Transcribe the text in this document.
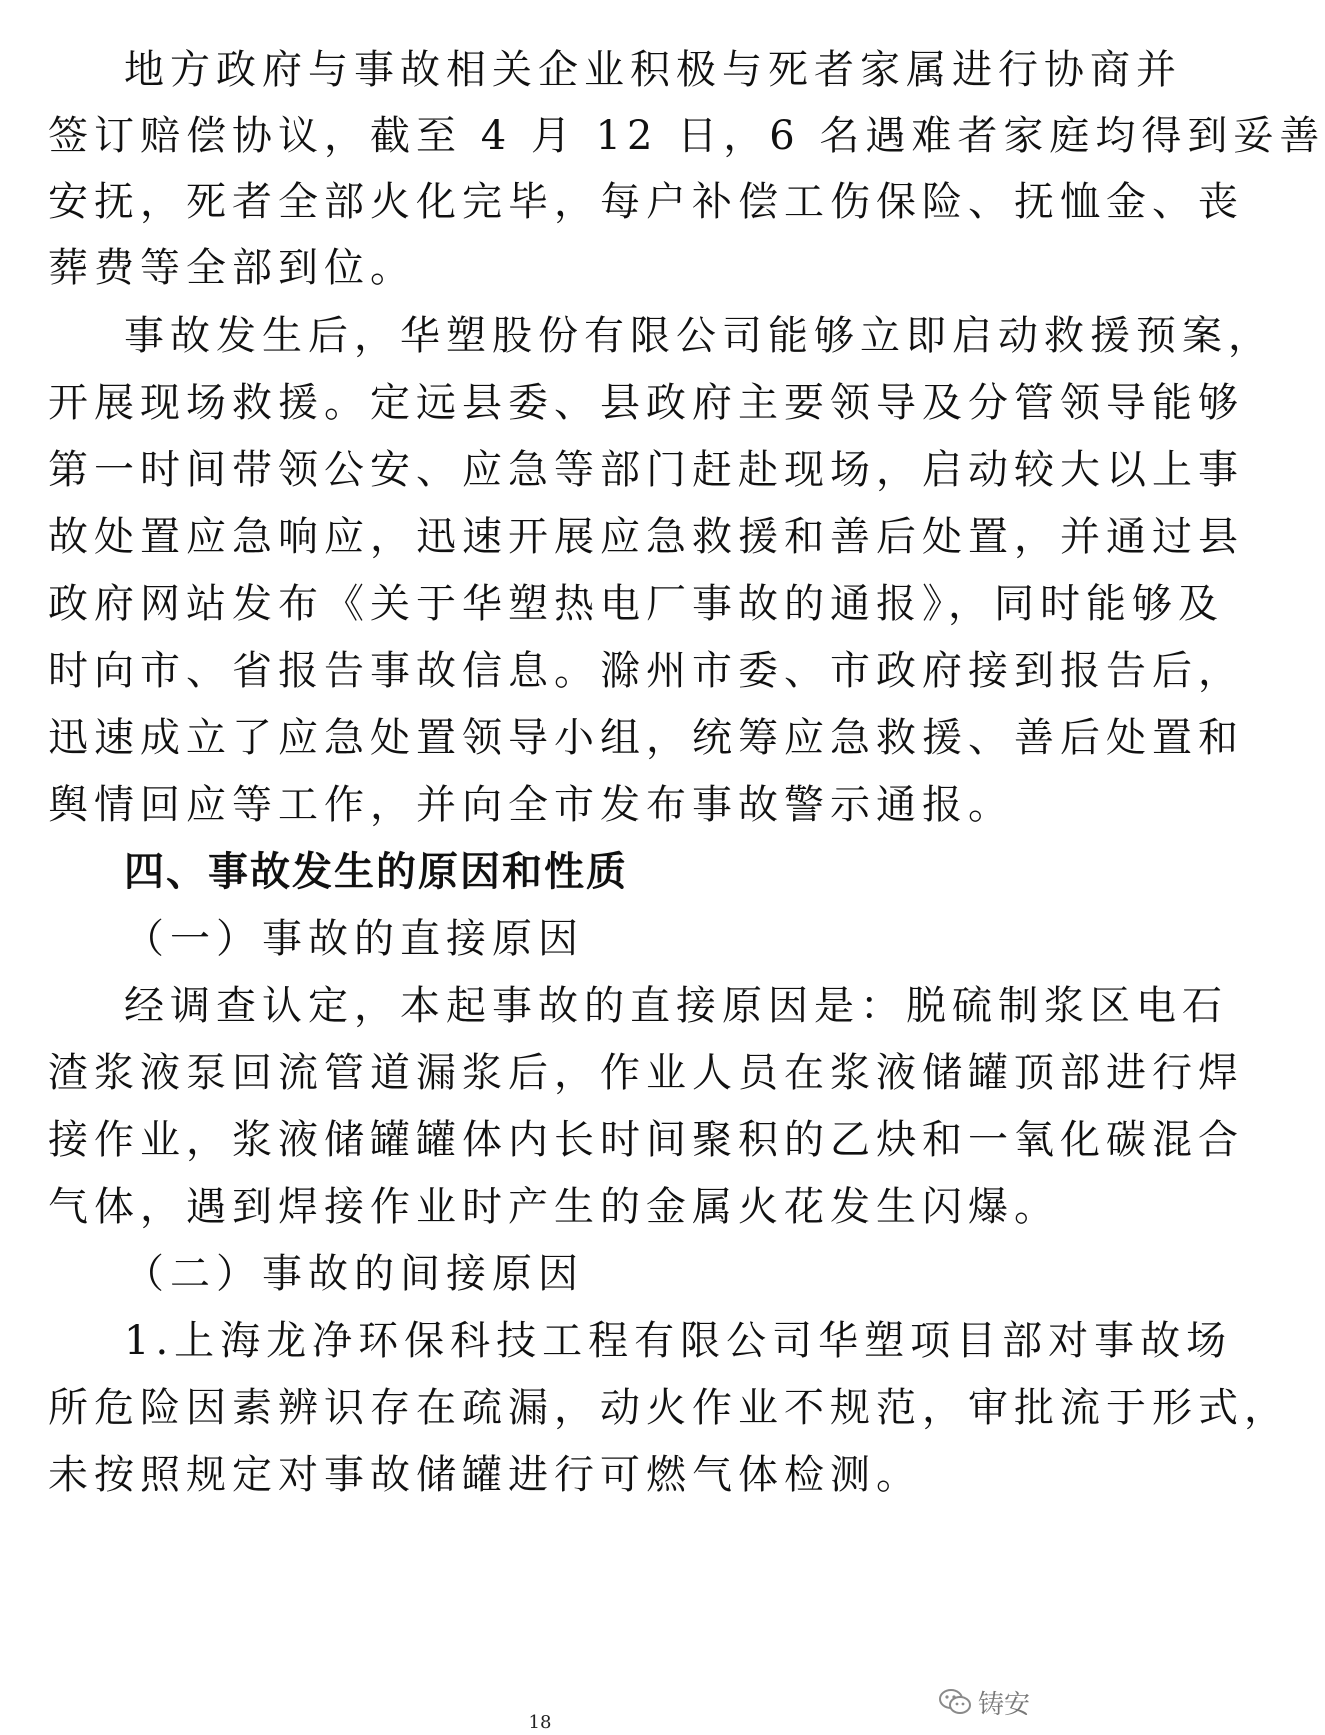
地方政府与事故相关企业积极与死者家属进行协商并
签订赔偿协议，截至 4 月 12 日，6 名遇难者家庭均得到妥善
安抚，死者全部火化完毕，每户补偿工伤保险、抚恤金、丧
葬费等全部到位。
事故发生后，华塑股份有限公司能够立即启动救援预案，
开展现场救援。定远县委、县政府主要领导及分管领导能够
第一时间带领公安、应急等部门赶赴现场，启动较大以上事
故处置应急响应，迅速开展应急救援和善后处置，并通过县
政府网站发布《关于华塑热电厂事故的通报》，同时能够及
时向市、省报告事故信息。滁州市委、市政府接到报告后，
迅速成立了应急处置领导小组，统筹应急救援、善后处置和
舆情回应等工作，并向全市发布事故警示通报。
四、事故发生的原因和性质
（一）事故的直接原因
经调查认定，本起事故的直接原因是：脱硫制浆区电石
渣浆液泵回流管道漏浆后，作业人员在浆液储罐顶部进行焊
接作业，浆液储罐罐体内长时间聚积的乙炔和一氧化碳混合
气体，遇到焊接作业时产生的金属火花发生闪爆。
（二）事故的间接原因
1.上海龙净环保科技工程有限公司华塑项目部对事故场
所危险因素辨识存在疏漏，动火作业不规范，审批流于形式，
未按照规定对事故储罐进行可燃气体检测。
铸安
18
